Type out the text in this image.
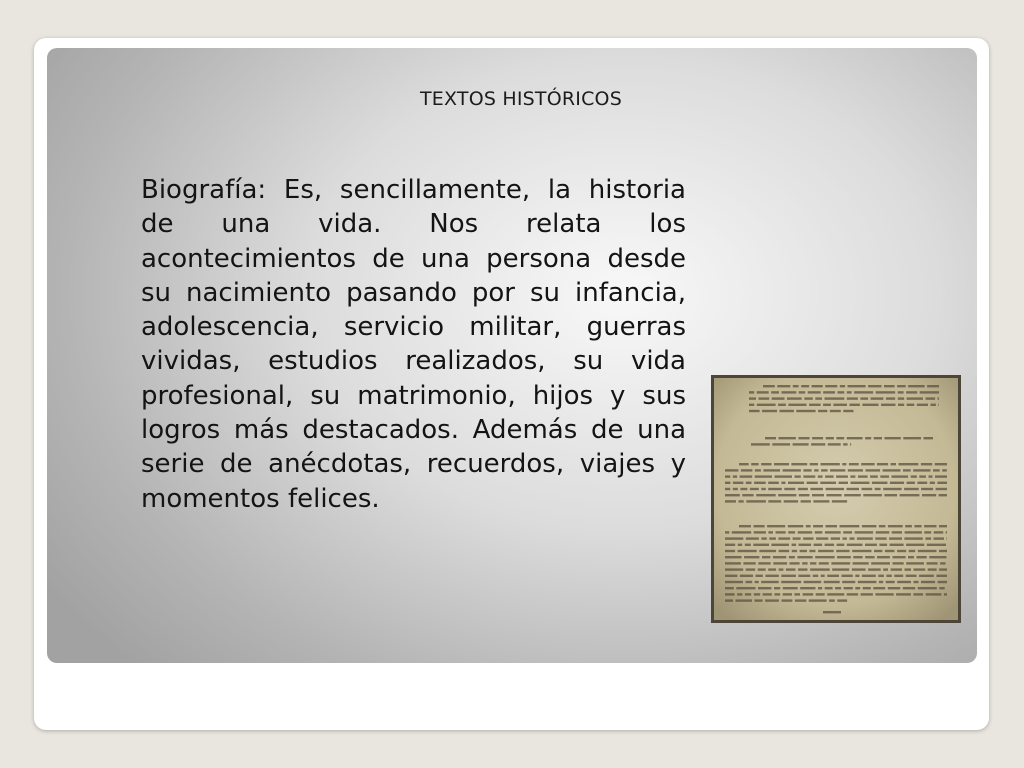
TEXTOS HISTÓRICOS

Biografía: Es, sencillamente, la historia de una vida. Nos relata los acontecimientos de una persona desde su nacimiento pasando por su infancia, adolescencia, servicio militar, guerras vividas, estudios realizados, su vida profesional, su matrimonio, hijos y sus logros más destacados. Además de una serie de anécdotas, recuerdos, viajes y momentos felices.
